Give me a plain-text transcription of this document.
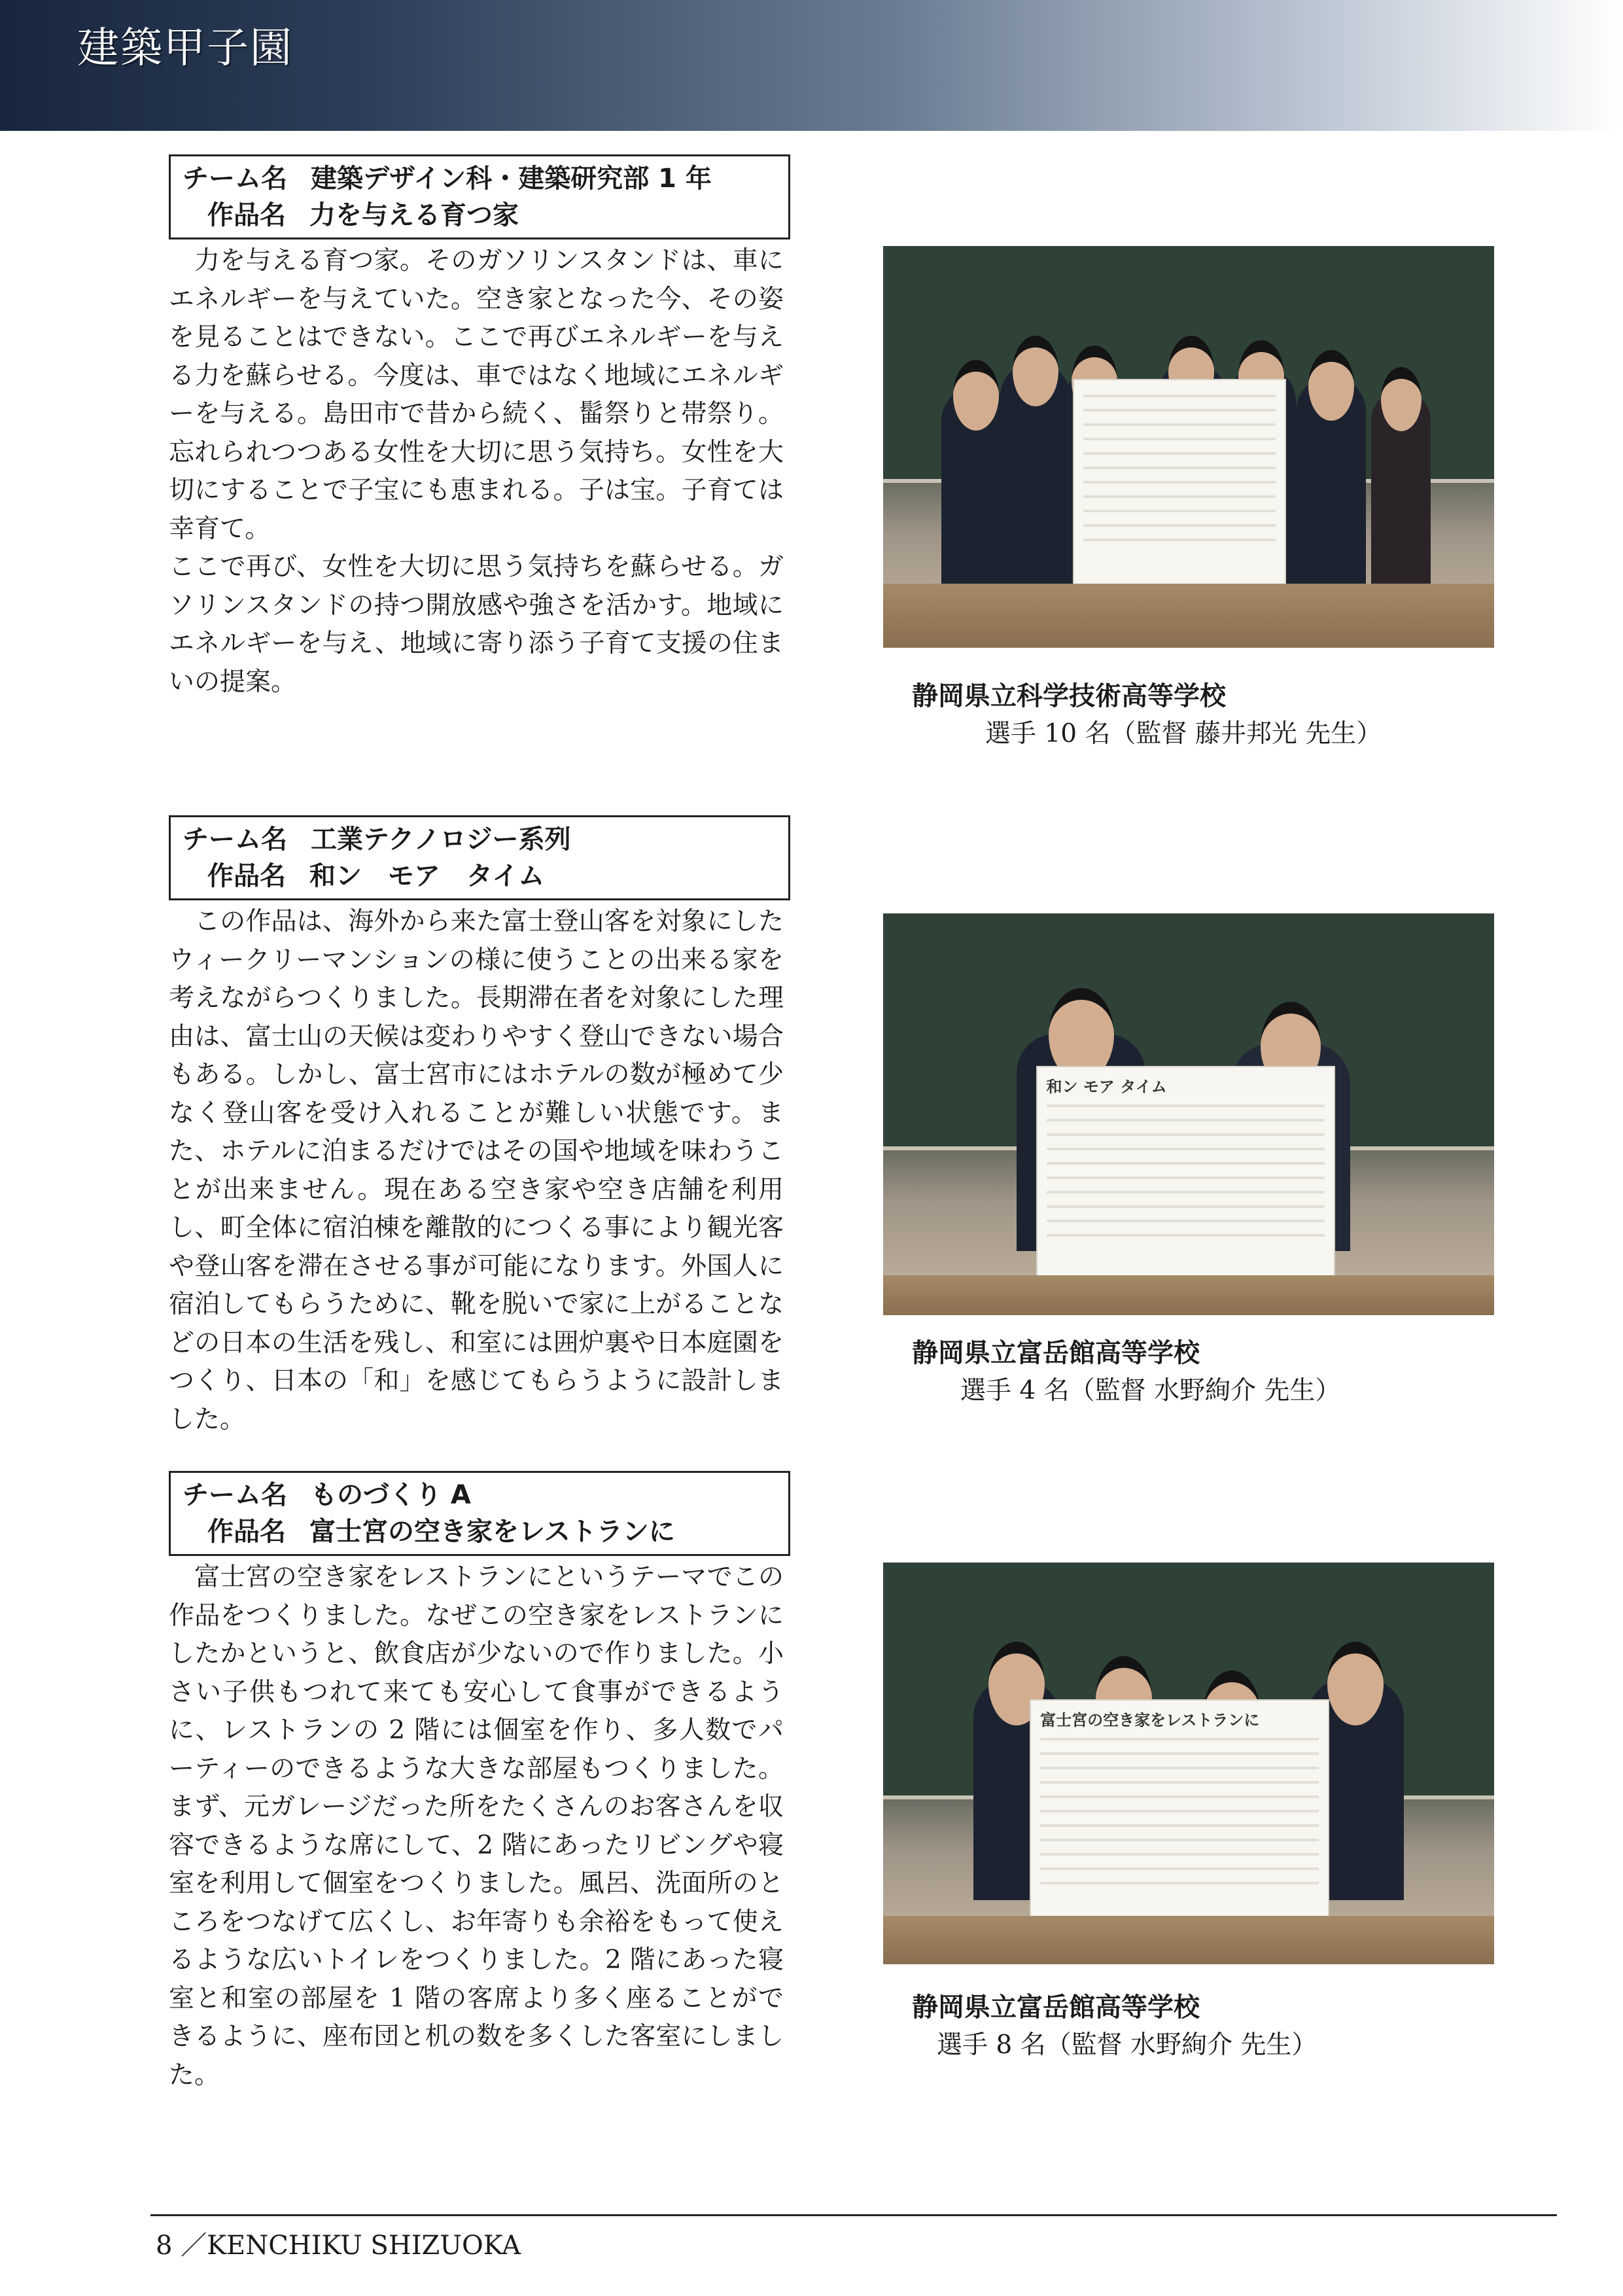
建築甲子園
チーム名 建築デザイン科・建築研究部 1 年
作品名 力を与える育つ家

力を与える育つ家。そのガソリンスタンドは、車にエネルギーを与えていた。空き家となった今、その姿を見ることはできない。ここで再びエネルギーを与える力を蘇らせる。今度は、車ではなく地域にエネルギーを与える。島田市で昔から続く、髷祭りと帯祭り。忘れられつつある女性を大切に思う気持ち。女性を大切にすることで子宝にも恵まれる。子は宝。子育ては幸育て。

ここで再び、女性を大切に思う気持ちを蘇らせる。ガソリンスタンドの持つ開放感や強さを活かす。地域にエネルギーを与え、地域に寄り添う子育て支援の住まいの提案。	静岡県立科学技術高等学校
選手 10 名（監督 藤井邦光 先生）
チーム名 工業テクノロジー系列
作品名 和ン　モア　タイム

この作品は、海外から来た富士登山客を対象にしたウィークリーマンションの様に使うことの出来る家を考えながらつくりました。長期滞在者を対象にした理由は、富士山の天候は変わりやすく登山できない場合もある。しかし、富士宮市にはホテルの数が極めて少なく登山客を受け入れることが難しい状態です。また、ホテルに泊まるだけではその国や地域を味わうことが出来ません。現在ある空き家や空き店舗を利用し、町全体に宿泊棟を離散的につくる事により観光客や登山客を滞在させる事が可能になります。外国人に宿泊してもらうために、靴を脱いで家に上がることなどの日本の生活を残し、和室には囲炉裏や日本庭園をつくり、日本の「和」を感じてもらうように設計しました。

和ン モア タイム
静岡県立富岳館高等学校
選手 4 名（監督 水野絢介 先生）
チーム名 ものづくり A
作品名 富士宮の空き家をレストランに

富士宮の空き家をレストランにというテーマでこの作品をつくりました。なぜこの空き家をレストランにしたかというと、飲食店が少ないので作りました。小さい子供もつれて来ても安心して食事ができるように、レストランの 2 階には個室を作り、多人数でパーティーのできるような大きな部屋もつくりました。まず、元ガレージだった所をたくさんのお客さんを収容できるような席にして、2 階にあったリビングや寝室を利用して個室をつくりました。風呂、洗面所のところをつなげて広くし、お年寄りも余裕をもって使えるような広いトイレをつくりました。2 階にあった寝室と和室の部屋を 1 階の客席より多く座ることができるように、座布団と机の数を多くした客室にしました。

富士宮の空き家をレストランに
静岡県立富岳館高等学校
選手 8 名（監督 水野絢介 先生）
8 ／KENCHIKU SHIZUOKA
